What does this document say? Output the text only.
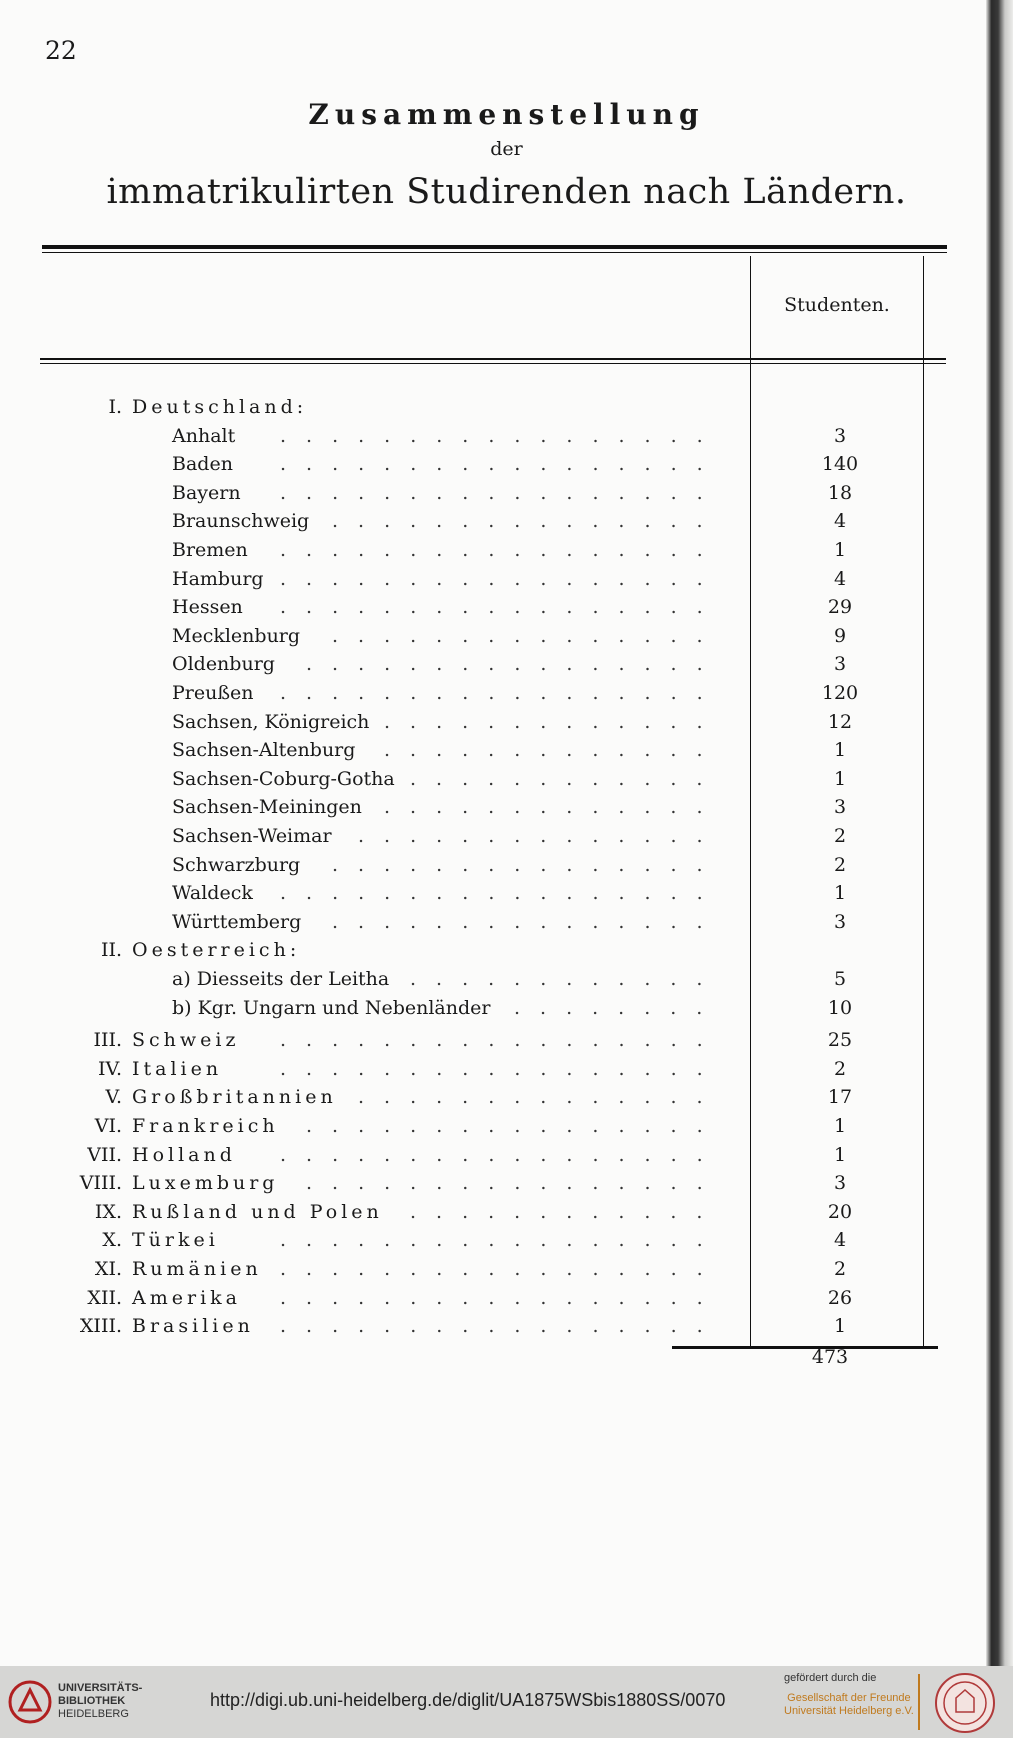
22
Zusammenstellung
der
immatrikulirten Studirenden nach Ländern.
Studenten.
I. Deutschland:
Anhalt .................	3
Baden .................	140
Bayern .................	18
Braunschweig ...............	4
Bremen .................	1
Hamburg .................	4
Hessen .................	29
Mecklenburg ...............	9
Oldenburg ................	3
Preußen .................	120
Sachsen, Königreich .............	12
Sachsen-Altenburg .............	1
Sachsen-Coburg-Gotha ............	1
Sachsen-Meiningen .............	3
Sachsen-Weimar ..............	2
Schwarzburg ...............	2
Waldeck .................	1
Württemberg ...............	3
II. Oesterreich:
a) Diesseits der Leitha ............	5
b) Kgr. Ungarn und Nebenländer ........	10
III. Schweiz .................	25
IV. Italien	.................	2
V. Großbritannien ..............	17
VI. Frankreich ................	1
VII. Holland .................	1
VIII. Luxemburg ................	3
IX. Rußland und Polen ............	20
X. Türkei	.................	4
XI. Rumänien .................	2
XII. Amerika .................	26
XIII. Brasilien .................	1
473
UNIVERSITÄTS-
BIBLIOTHEK
HEIDELBERG
http://digi.ub.uni-heidelberg.de/diglit/UA1875WSbis1880SS/0070
gefördert durch die
Gesellschaft der Freunde
Universität Heidelberg e.V.
